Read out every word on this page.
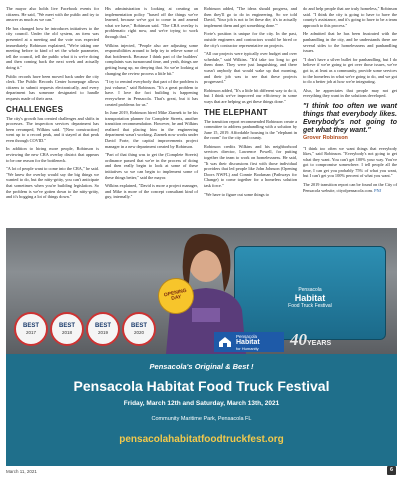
The mayor also holds live Facebook events for citizens. He said, "We meet with the public and try to answer as much as we can."

He has changed how he introduces initiatives to the city council. Under the old system, an item was presented at a meeting and the vote was expected immediately. Robinson explained, "We're taking one meeting before to kind of set the whole parameter, tell the council, tell the public what it is we're doing and then coming back the next week and actually doing it."

Public records have been moved back under the city clerk. The Public Records Center homepage allows citizens to submit requests electronically, and every department has someone designated to handle requests made of their area.

CHALLENGES

The city's growth has created challenges and shifts in processes. The inspection services department has been revamped, Wilkins said. "[New construction] went up to a record peak, and it stayed at that peak even through COVID."

In addition to hiring more people, Robinson is reviewing the new CRA overlay district that appears to be one reason for the bottleneck.

"A lot of people want to come into the CRA," he said. "We knew the overlay would say the big things we wanted to do, but the nitty-gritty, you can't anticipate that sometimes when you're building legislation. So the problem is we've gotten down to the nitty-gritty, and it's bogging a lot of things down."

His administration is looking at creating an implementation policy "based off the things we've learned, because we've got to come in and amend what we have," Robinson said. "The CRA overlay is problematic right now, and we're trying to work through that."

Wilkins injected, "People also are adjusting some responsibilities around to help try to relieve some of that bottleneck. Because I think part of the builders' complaints was turnaround time, and yeah, things are getting hung up, no denying that. So we're looking at changing the review process a little bit."

"I try to remind everybody that part of the problem is just volume," said Robinson. "It's a great problem to have. I love the fact building is happening everywhere in Pensacola. That's great, but it has created problems for us."

In June 2019, Robinson hired Mike Ziarnek to be his transportation planner for Complete Streets, another transition recommendation. However, he and Wilkins realized that placing him in the engineering department wasn't working. Ziarnek now works under David Forte, the capital improvements project manager in a new department created by Robinson.

"Part of that thing was to get the (Complete Streets) ordinance passed that we're in the process of doing and then really begin to look at some of these initiatives so we can begin to implement some of these things better," said the mayor.

Wilkins explained, "David is more a project manager, and Mike is more of the concept consultant kind of guy, internally."

Robinson added, "The ideas should progress, and then they'll go to do in engineering. So we told David, 'Your job is not to let these die; it's to actually implement them and get something done.'"

Forte's position is unique for the city. In the past, outside engineers and contractors would be hired or the city's contractor representative on projects.

"All our projects were typically over budget and over schedule," said Wilkins. "It'd take too long to get them done. They were just languishing, and there wasn't anybody that would wake up that morning, and their job was to see that these projects progressed."

Robinson added, "It's a little bit different way to do it, but I think we've improved our efficiency in some ways that are helping us get these things done."

THE ELEPHANT

The transition report recommended Robinson create a committee to address panhandling with a solution by June 15, 2019. Affordable housing is the "elephant in the room" for the city and county.

Robinson credits Wilkins and his neighborhood services director, Lawrence Powell, for putting together the team to work on homelessness. He said, "It was their discussions first with those individual providers that led people like John Johnson (Opening Doors NWFL) and Connie Bookman (Pathways for Change) to come together for a homeless solution task force."

"We have to figure out some things to

do and help people that are truly homeless," Robinson said. "I think the city is going to have to have the county's assistance, and it's going to have to be a team approach to this process."

He admitted that he has been frustrated with the panhandling in the city, and he understands there are several sides to the homelessness and panhandling issues.

"I don't have a silver bullet for panhandling, but I do believe if we're going to get over those issues, we've got to, at least as a community, provide some services to the homeless in what we're going to do, and we got to do a better job at how we're integrating.

Also, he appreciates that people may not get everything they want in the solutions developed.

"I think too often we want things that everybody likes. Everybody's not going to get what they want."
Grover Robinson

"I think too often we want things that everybody likes," said Robinson. "Everybody's not going to get what they want. You can't get 100% your way. You've got to compromise somewhere. I tell people all the time, I can get you probably 75% of what you want, but I can't get you 100% percent of what you want."

The 2019 transition report can be found on the City of Pensacola website, cityofpensacola.com. PNJ

Pensacola
Habitat
Food Truck Festival
OPENING DAY
BEST
2017
BEST
2018
BEST
2019
BEST
2020
Pensacola
Habitat
for Humanity	40YEARS
Pensacola's Original & Best !
Pensacola Habitat Food Truck Festival
Friday, March 12th and Saturday, March 13th, 2021
Community Maritime Park, Pensacola FL
pensacolahabitatfoodtruckfest.org
March 11, 2021	6
